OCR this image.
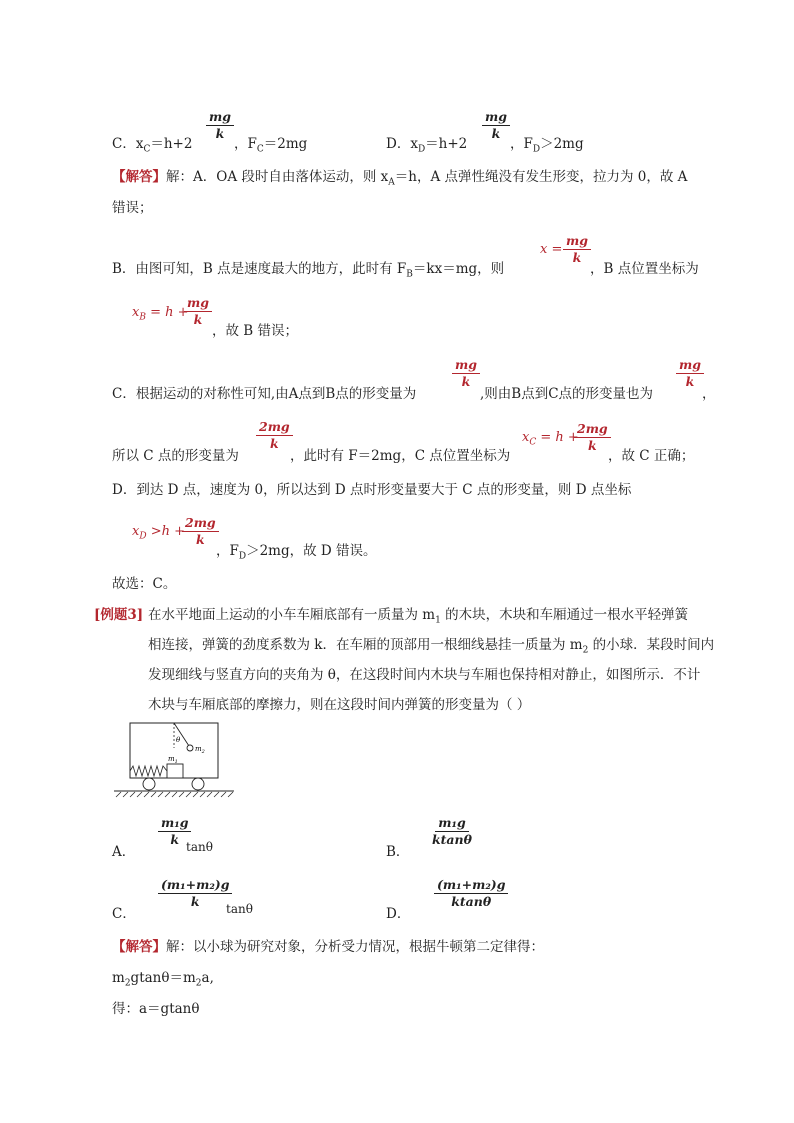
C．$x_C=h+2$
$\frac{mg}{k}$
，$F_C=2mg$	D．$x_D=h+2$
$\frac{mg}{k}$
，$F_D>2mg$
【解答】解：A．OA 段时自由落体运动，则 $x_A=h$，A 点弹性绳没有发生形变，拉力为 0，故 A
错误；
B．由图可知，B 点是速度最大的地方，此时有 $F_B=kx=mg$，则
$x = \frac{mg}{k}$
，B 点位置坐标为
$x_B = h$ +
$\frac{mg}{k}$
，故 B 错误；
C．根据运动的对称性可知,由A点到B点的形变量为
$\frac{mg}{k}$
,则由B点到C点的形变量也为
$\frac{mg}{k}$
，
所以 C 点的形变量为
$\frac{2mg}{k}$
，此时有 F＝2mg，C 点位置坐标为
$x_C = h$ +
$\frac{2mg}{k}$
，故 C 正确；
D．到达 D 点，速度为 0，所以达到 D 点时形变量要大于 C 点的形变量，则 D 点坐标
$x_D >h$ +
$\frac{2mg}{k}$
，$F_D>2mg$，故 D 错误。
故选：C。
[例题3] 在水平地面上运动的小车车厢底部有一质量为 $m_1$ 的木块，木块和车厢通过一根水平轻弹簧
相连接，弹簧的劲度系数为 k．在车厢的顶部用一根细线悬挂一质量为 $m_2$ 的小球．某段时间内
发现细线与竖直方向的夹角为 θ，在这段时间内木块与车厢也保持相对静止，如图所示．不计
木块与车厢底部的摩擦力，则在这段时间内弹簧的形变量为（ ）
θ
$m_2$
$m_1$
A．
$\frac{\text{m₁g}}{k}$
tanθ	B．
$\frac{\text{m₁g}}{ktan\theta}$
C．
$\frac{\text{(m₁+m₂)g}}{k}$
tanθ	D．
$\frac{\text{(m₁+m₂)g}}{ktan\theta}$
【解答】解：以小球为研究对象，分析受力情况，根据牛顿第二定律得：
$m_2gtan\theta=m_2a$,
得：a＝gtanθ
